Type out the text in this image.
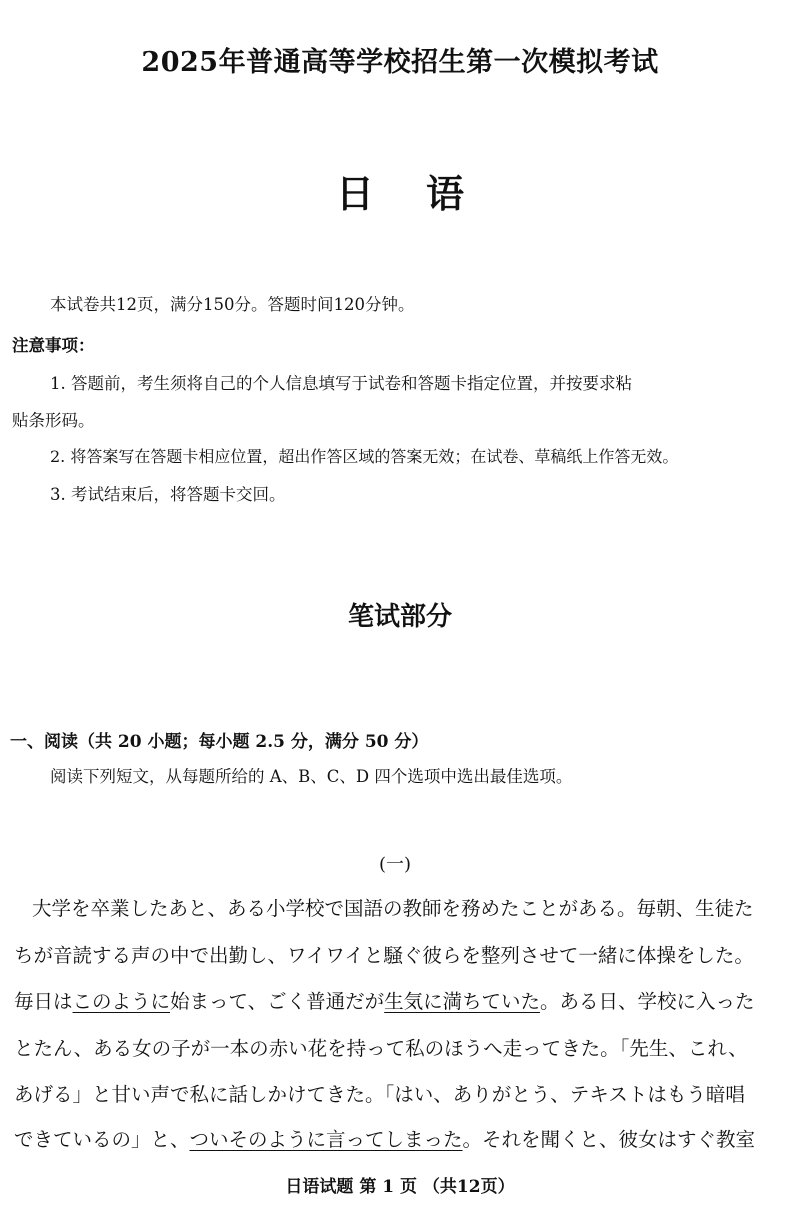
2025年普通高等学校招生第一次模拟考试
日 语
本试卷共12页，满分150分。答题时间120分钟。
注意事项：
1. 答题前，考生须将自己的个人信息填写于试卷和答题卡指定位置，并按要求粘
贴条形码。
2. 将答案写在答题卡相应位置，超出作答区域的答案无效；在试卷、草稿纸上作答无效。
3. 考试结束后，将答题卡交回。
笔试部分
一、阅读（共 20 小题；每小题 2.5 分，满分 50 分）
阅读下列短文，从每题所给的 A、B、C、D 四个选项中选出最佳选项。
(一)
大学を卒業したあと、ある小学校で国語の教師を務めたことがある。毎朝、生徒た
ちが音読する声の中で出勤し、ワイワイと騒ぐ彼らを整列させて一緒に体操をした。
毎日はこのように始まって、ごく普通だが生気に満ちていた。ある日、学校に入った
とたん、ある女の子が一本の赤い花を持って私のほうへ走ってきた。「先生、これ、
あげる」と甘い声で私に話しかけてきた。「はい、ありがとう、テキストはもう暗唱
できているの」と、ついそのように言ってしまった。それを聞くと、彼女はすぐ教室
日语试题 第 1 页 （共12页）
